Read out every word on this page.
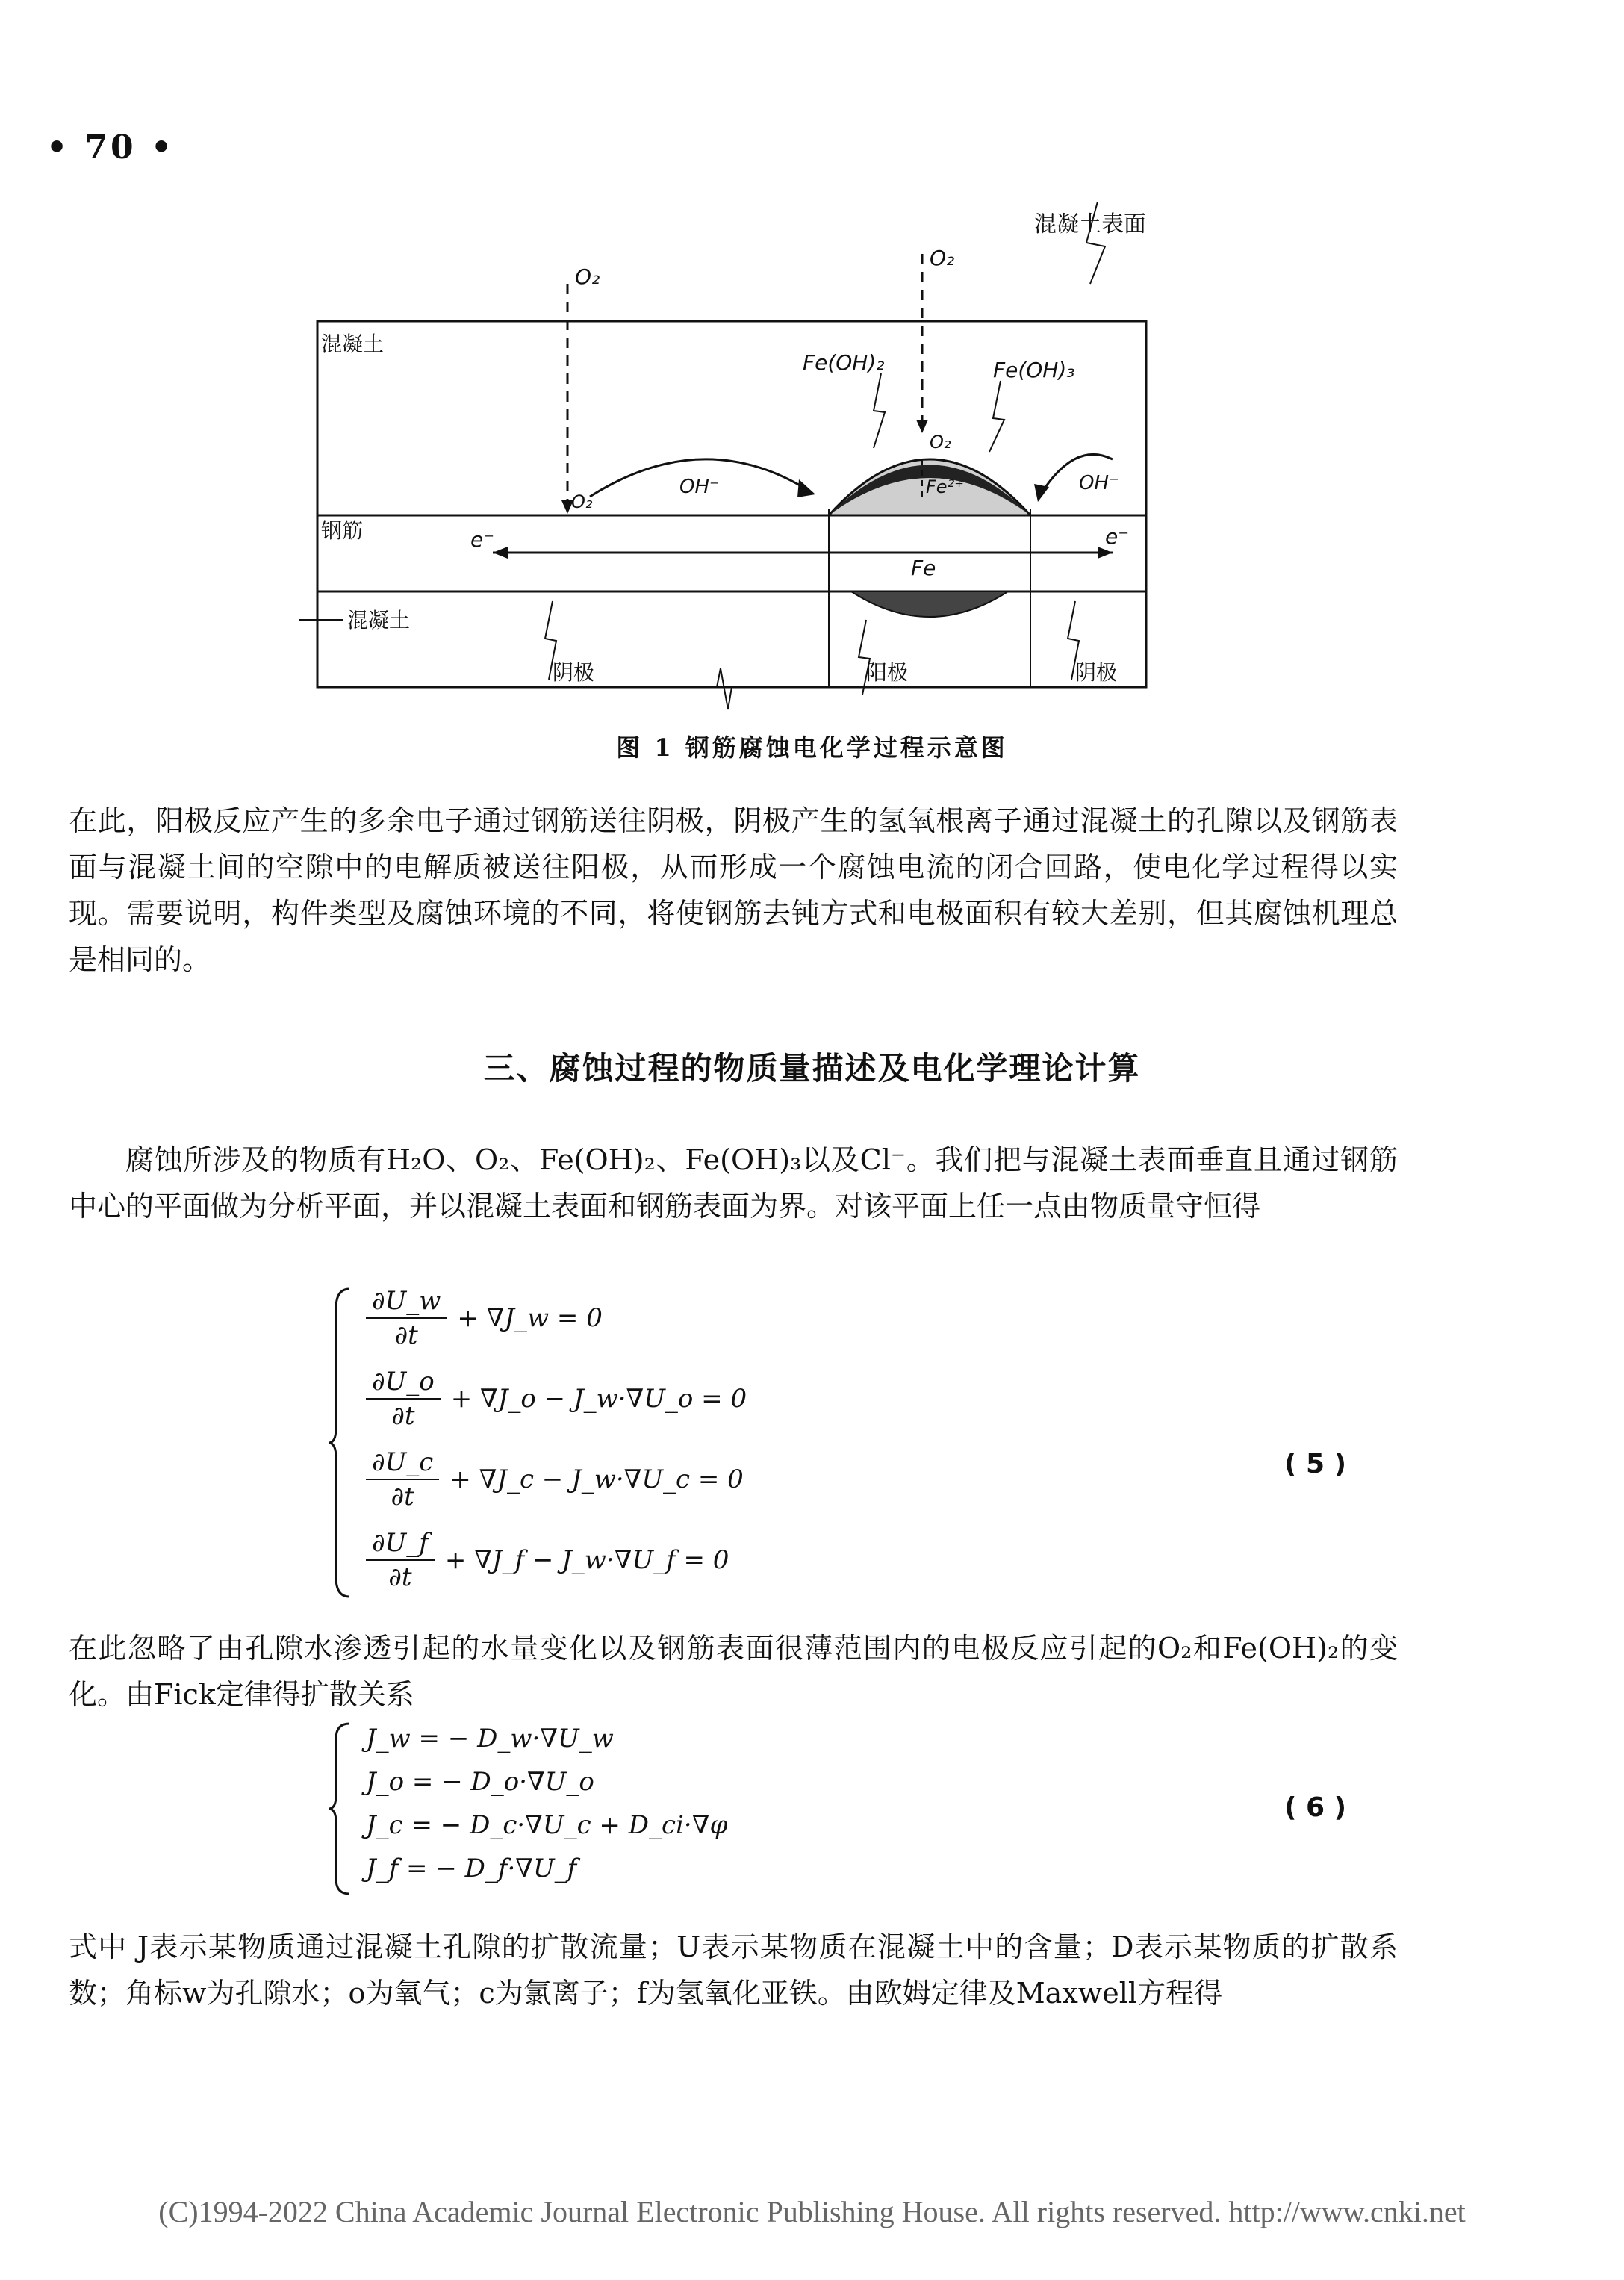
• 70 •
混凝土表面
混凝土
钢筋
混凝土
O₂
O₂
O₂
O₂
OH⁻	OH⁻
Fe(OH)₂	Fe(OH)₃
Fe²⁺
Fe
e⁻	e⁻
阴极	阳极	阴极
图 1 钢筋腐蚀电化学过程示意图
在此，阳极反应产生的多余电子通过钢筋送往阴极，阴极产生的氢氧根离子通过混凝土的孔隙以及钢筋表面与混凝土间的空隙中的电解质被送往阳极，从而形成一个腐蚀电流的闭合回路，使电化学过程得以实现。需要说明，构件类型及腐蚀环境的不同，将使钢筋去钝方式和电极面积有较大差别，但其腐蚀机理总是相同的。
三、腐蚀过程的物质量描述及电化学理论计算
腐蚀所涉及的物质有H₂O、O₂、Fe(OH)₂、Fe(OH)₃以及Cl⁻。我们把与混凝土表面垂直且通过钢筋中心的平面做为分析平面，并以混凝土表面和钢筋表面为界。对该平面上任一点由物质量守恒得
$\frac{\partial U\_w}{\partial t}$ + ∇J_w = 0
$\frac{\partial U\_o}{\partial t}$ + ∇J_o − J_w·∇U_o = 0
$\frac{\partial U\_c}{\partial t}$ + ∇J_c − J_w·∇U_c = 0
$\frac{\partial U\_f}{\partial t}$ + ∇J_f − J_w·∇U_f = 0
( 5 )
在此忽略了由孔隙水渗透引起的水量变化以及钢筋表面很薄范围内的电极反应引起的O₂和Fe(OH)₂的变化。由Fick定律得扩散关系
J_w = − D_w·∇U_w
J_o = − D_o·∇U_o
J_c = − D_c·∇U_c + D_ci·∇φ
J_f = − D_f·∇U_f
( 6 )
式中 J表示某物质通过混凝土孔隙的扩散流量；U表示某物质在混凝土中的含量；D表示某物质的扩散系数；角标w为孔隙水；o为氧气；c为氯离子；f为氢氧化亚铁。由欧姆定律及Maxwell方程得
(C)1994-2022 China Academic Journal Electronic Publishing House. All rights reserved. http://www.cnki.net
